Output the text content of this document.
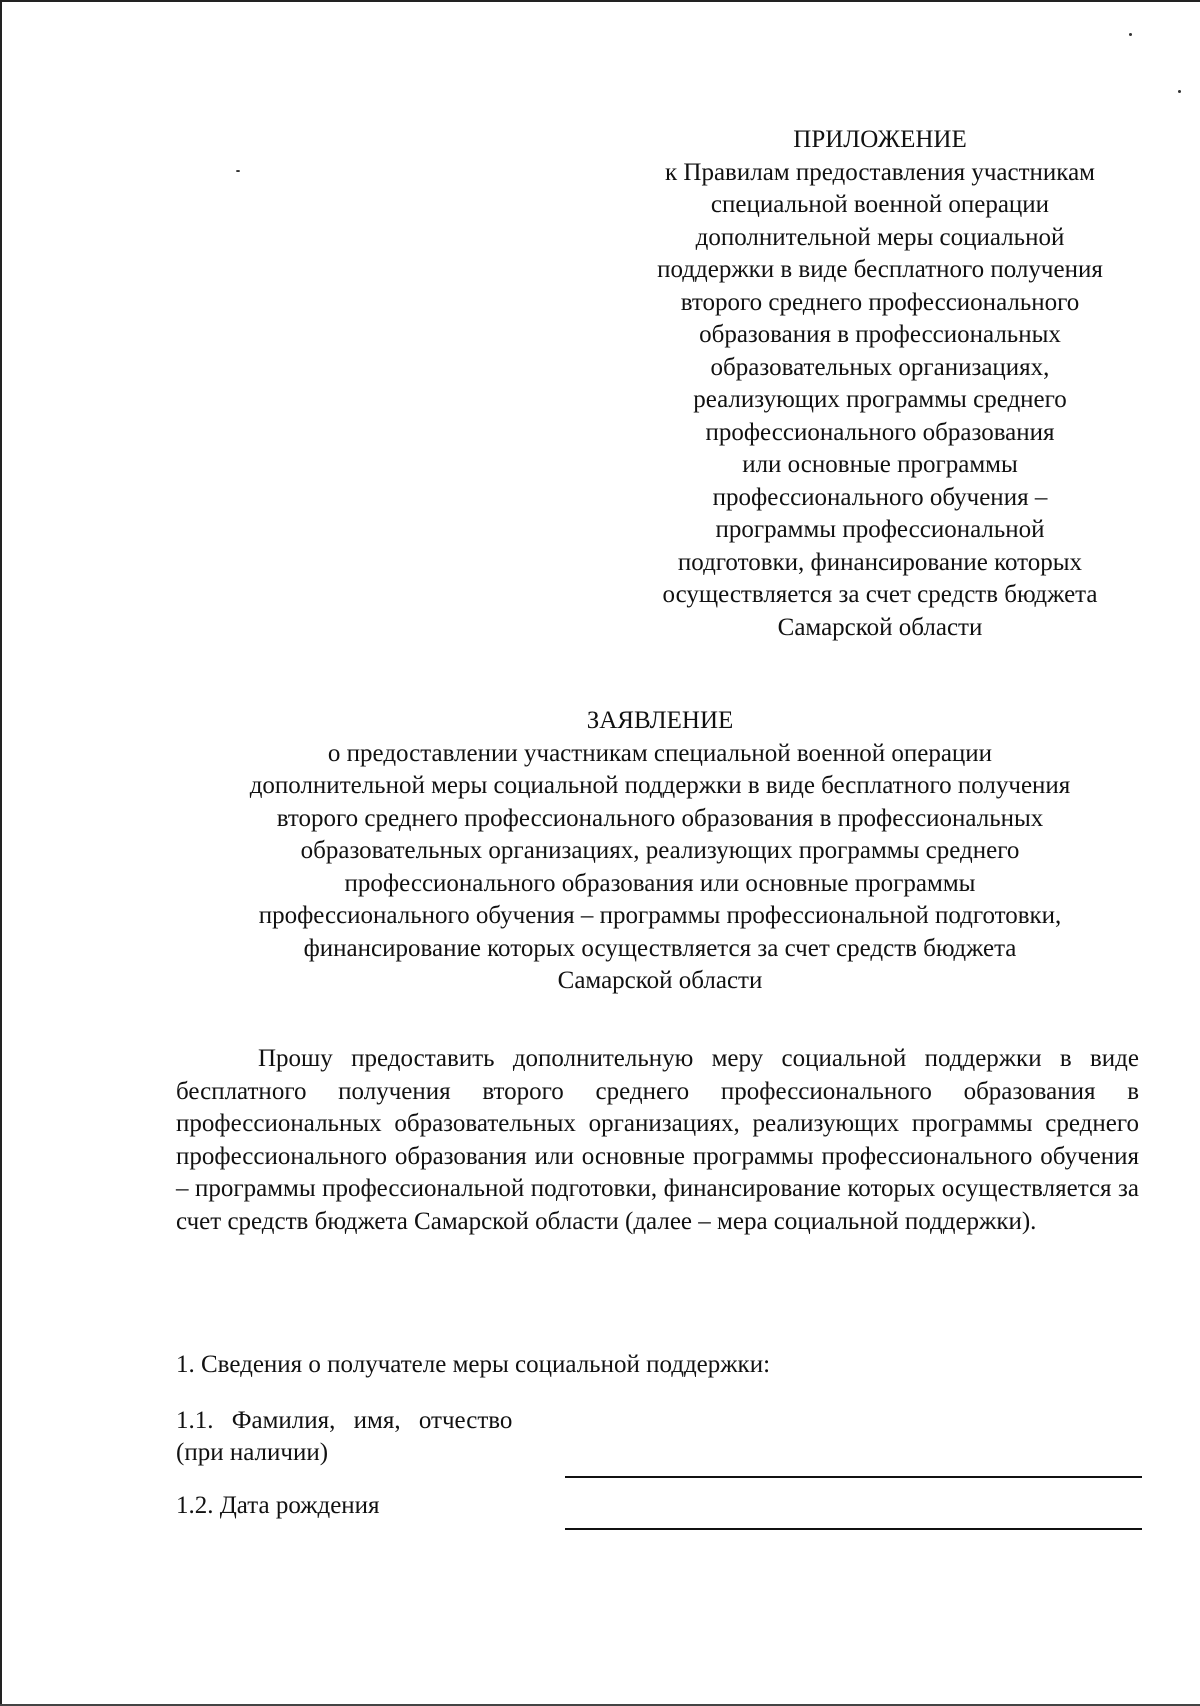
ПРИЛОЖЕНИЕ
к Правилам предоставления участникам
специальной военной операции
дополнительной меры социальной
поддержки в виде бесплатного получения
второго среднего профессионального
образования в профессиональных
образовательных организациях,
реализующих программы среднего
профессионального образования
или основные программы
профессионального обучения –
программы профессиональной
подготовки, финансирование которых
осуществляется за счет средств бюджета
Самарской области
ЗАЯВЛЕНИЕ
о предоставлении участникам специальной военной операции
дополнительной меры социальной поддержки в виде бесплатного получения
второго среднего профессионального образования в профессиональных
образовательных организациях, реализующих программы среднего
профессионального образования или основные программы
профессионального обучения – программы профессиональной подготовки,
финансирование которых осуществляется за счет средств бюджета
Самарской области

Прошу предоставить дополнительную меру социальной поддержки в виде бесплатного получения второго среднего профессионального образования в профессиональных образовательных организациях, реализующих программы среднего профессионального образования или основные программы профессионального обучения – программы профессиональной подготовки, финансирование которых осуществляется за счет средств бюджета Самарской области (далее – мера социальной поддержки).

1. Сведения о получателе меры социальной поддержки:
1.1. Фамилия, имя, отчество
(при наличии)
1.2. Дата рождения
